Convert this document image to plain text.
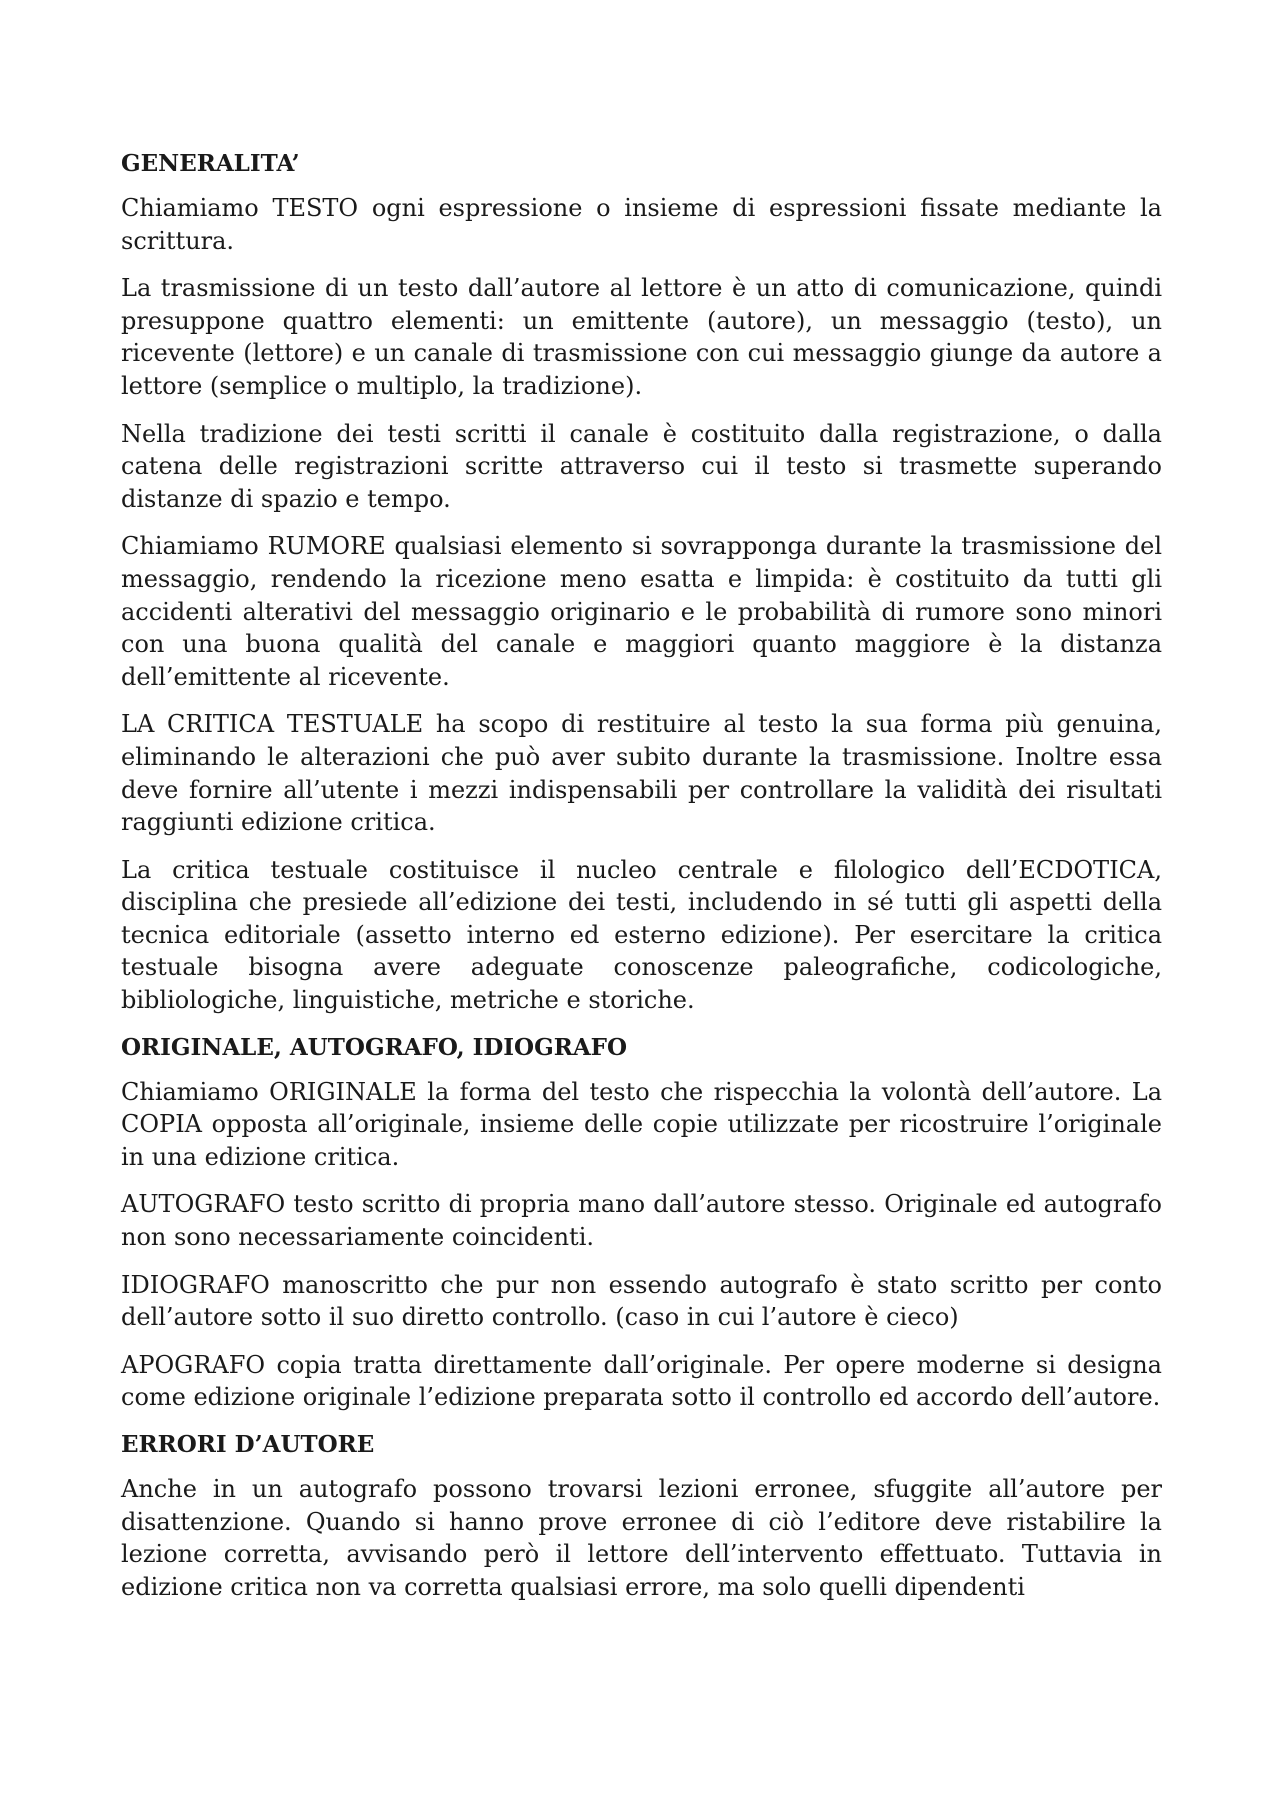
GENERALITA’

Chiamiamo TESTO ogni espressione o insieme di espressioni fissate mediante la scrittura.

La trasmissione di un testo dall’autore al lettore è un atto di comunicazione, quindi presuppone quattro elementi: un emittente (autore), un messaggio (testo), un ricevente (lettore) e un canale di trasmissione con cui messaggio giunge da autore a lettore (semplice o multiplo, la tradizione).

Nella tradizione dei testi scritti il canale è costituito dalla registrazione, o dalla catena delle registrazioni scritte attraverso cui il testo si trasmette superando distanze di spazio e tempo.

Chiamiamo RUMORE qualsiasi elemento si sovrapponga durante la trasmissione del messaggio, rendendo la ricezione meno esatta e limpida: è costituito da tutti gli accidenti alterativi del messaggio originario e le probabilità di rumore sono minori con una buona qualità del canale e maggiori quanto maggiore è la distanza dell’emittente al ricevente.

LA CRITICA TESTUALE ha scopo di restituire al testo la sua forma più genuina, eliminando le alterazioni che può aver subito durante la trasmissione. Inoltre essa deve fornire all’utente i mezzi indispensabili per controllare la validità dei risultati raggiunti edizione critica.

La critica testuale costituisce il nucleo centrale e filologico dell’ECDOTICA, disciplina che presiede all’edizione dei testi, includendo in sé tutti gli aspetti della tecnica editoriale (assetto interno ed esterno edizione). Per esercitare la critica testuale bisogna avere adeguate conoscenze paleografiche, codicologiche, bibliologiche, linguistiche, metriche e storiche.

ORIGINALE, AUTOGRAFO, IDIOGRAFO

Chiamiamo ORIGINALE la forma del testo che rispecchia la volontà dell’autore. La COPIA opposta all’originale, insieme delle copie utilizzate per ricostruire l’originale in una edizione critica.

AUTOGRAFO testo scritto di propria mano dall’autore stesso. Originale ed autografo non sono necessariamente coincidenti.

IDIOGRAFO manoscritto che pur non essendo autografo è stato scritto per conto dell’autore sotto il suo diretto controllo. (caso in cui l’autore è cieco)

APOGRAFO copia tratta direttamente dall’originale. Per opere moderne si designa come edizione originale l’edizione preparata sotto il controllo ed accordo dell’autore.

ERRORI D’AUTORE

Anche in un autografo possono trovarsi lezioni erronee, sfuggite all’autore per disattenzione. Quando si hanno prove erronee di ciò l’editore deve ristabilire la lezione corretta, avvisando però il lettore dell’intervento effettuato. Tuttavia in edizione critica non va corretta qualsiasi errore, ma solo quelli dipendenti
